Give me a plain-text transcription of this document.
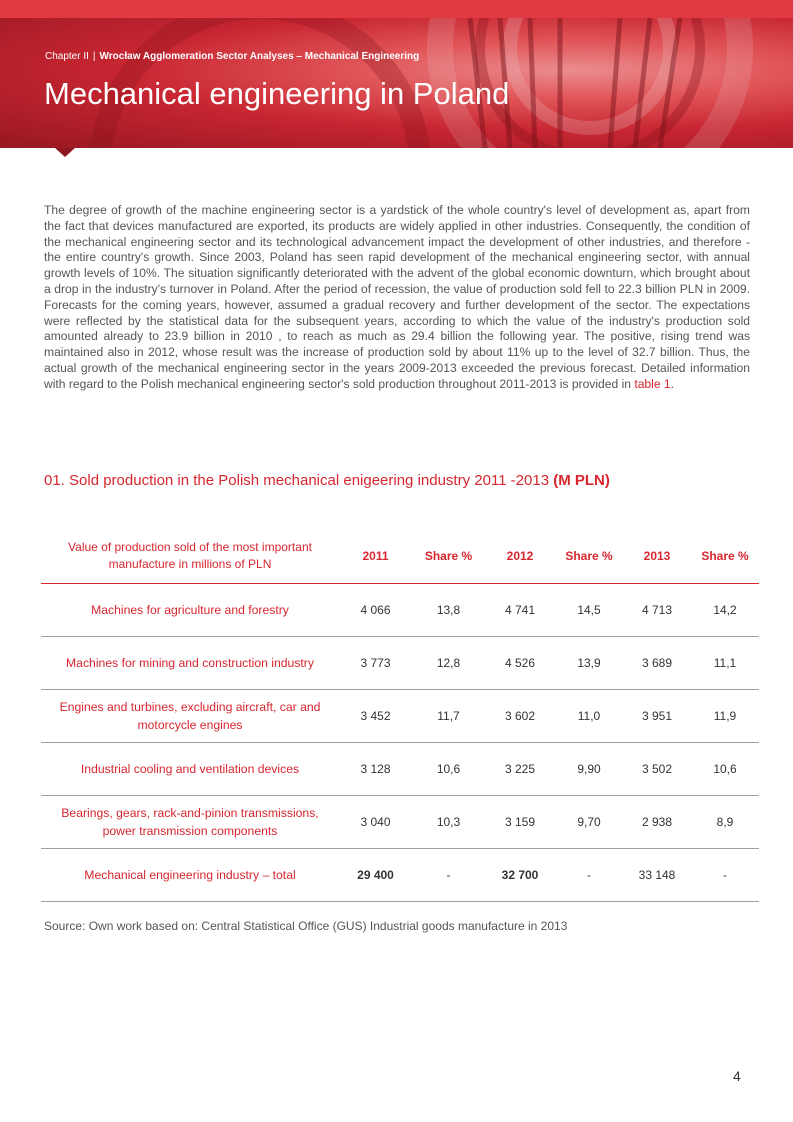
Chapter II | Wrocław Agglomeration Sector Analyses – Mechanical Engineering
Mechanical engineering in Poland

The degree of growth of the machine engineering sector is a yardstick of the whole country's level of development as, apart from the fact that devices manufactured are exported, its products are widely applied in other industries. Consequently, the condition of the mechanical engineering sector and its technological advancement impact the development of other industries, and therefore - the entire country's growth. Since 2003, Poland has seen rapid development of the mechanical engineering sector, with annual growth levels of 10%. The situation significantly deteriorated with the advent of the global economic downturn, which brought about a drop in the industry's turnover in Poland. After the period of recession, the value of production sold fell to 22.3 billion PLN in 2009. Forecasts for the coming years, however, assumed a gradual recovery and further development of the sector. The expectations were reflected by the statistical data for the subsequent years, according to which the value of the industry's production sold amounted already to 23.9 billion in 2010 , to reach as much as 29.4 billion the following year. The positive, rising trend was maintained also in 2012, whose result was the increase of production sold by about 11% up to the level of 32.7 billion. Thus, the actual growth of the mechanical engineering sector in the years 2009-2013 exceeded the previous forecast. Detailed information with regard to the Polish mechanical engineering sector's sold production throughout 2011-2013 is provided in table 1.

01. Sold production in the Polish mechanical enigeering industry 2011 -2013 (M PLN)
Value of production sold of the most important manufacture in millions of PLN	2011	Share %	2012	Share %	2013	Share %
Machines for agriculture and forestry	4 066	13,8	4 741	14,5	4 713	14,2
Machines for mining and construction industry	3 773	12,8	4 526	13,9	3 689	11,1
Engines and turbines, excluding aircraft, car and motorcycle engines	3 452	11,7	3 602	11,0	3 951	11,9
Industrial cooling and ventilation devices	3 128	10,6	3 225	9,90	3 502	10,6
Bearings, gears, rack-and-pinion transmissions, power transmission components	3 040	10,3	3 159	9,70	2 938	8,9
Mechanical engineering industry – total	29 400	-	32 700	-	33 148	-
Source: Own work based on: Central Statistical Office (GUS) Industrial goods manufacture in 2013
4
